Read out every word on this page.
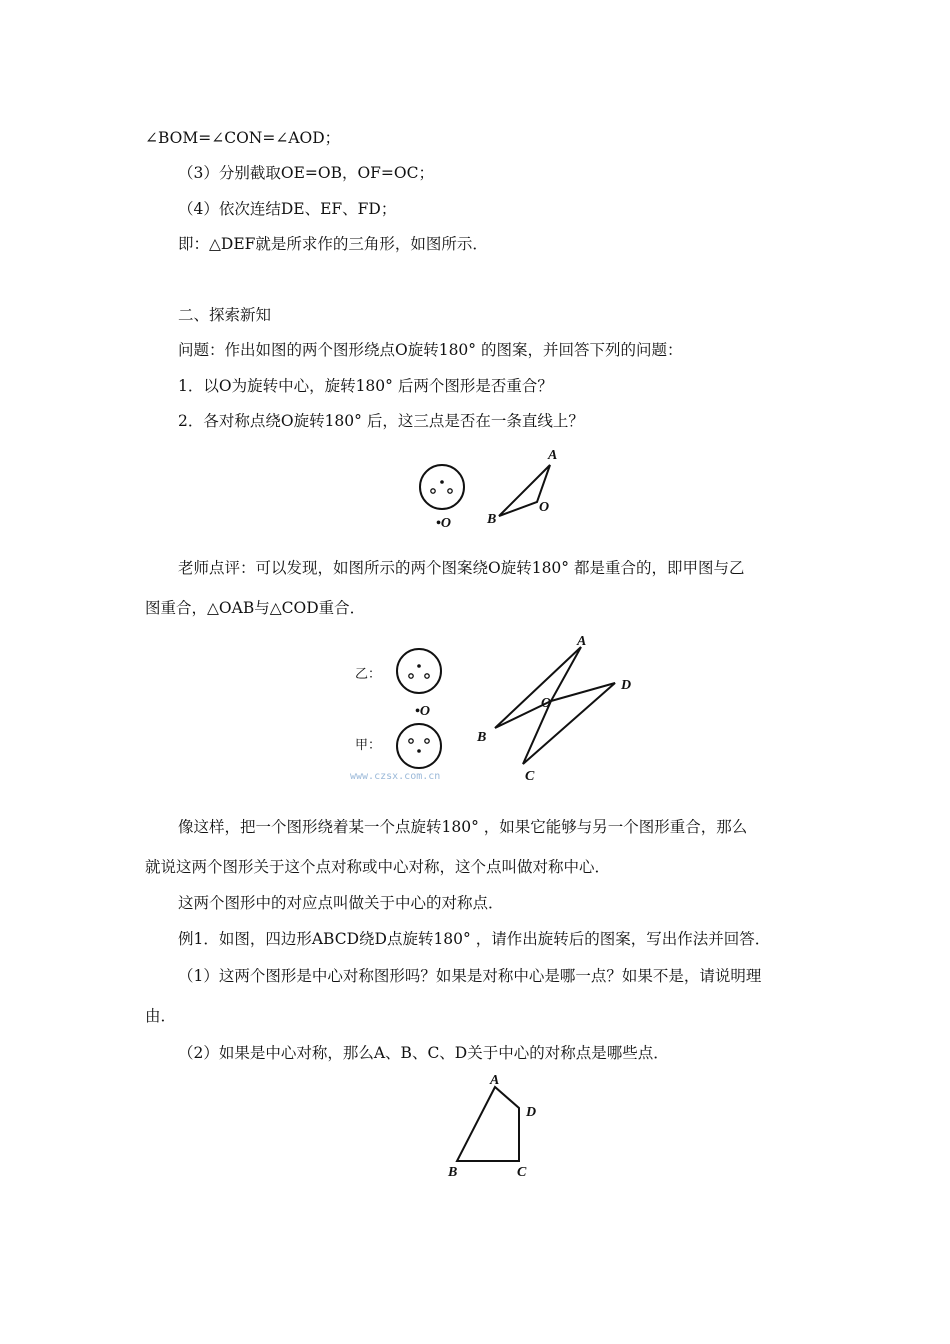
∠BOM=∠CON=∠AOD；
（3）分别截取OE=OB，OF=OC；
（4）依次连结DE、EF、FD；
即：△DEF就是所求作的三角形，如图所示．
二、探索新知
问题：作出如图的两个图形绕点O旋转180° 的图案，并回答下列的问题：
1．以O为旋转中心，旋转180° 后两个图形是否重合？
2．各对称点绕O旋转180° 后，这三点是否在一条直线上？
•O
A
B
O
老师点评：可以发现，如图所示的两个图案绕O旋转180° 都是重合的，即甲图与乙
图重合，△OAB与△COD重合．
乙：
•O
甲：
www.czsx.com.cn
A
B
C
D
O
像这样，把一个图形绕着某一个点旋转180° ，如果它能够与另一个图形重合，那么
就说这两个图形关于这个点对称或中心对称，这个点叫做对称中心．
这两个图形中的对应点叫做关于中心的对称点．
例1．如图，四边形ABCD绕D点旋转180° ，请作出旋转后的图案，写出作法并回答．
（1）这两个图形是中心对称图形吗？如果是对称中心是哪一点？如果不是，请说明理
由．
（2）如果是中心对称，那么A、B、C、D关于中心的对称点是哪些点．
A
B	C
D
